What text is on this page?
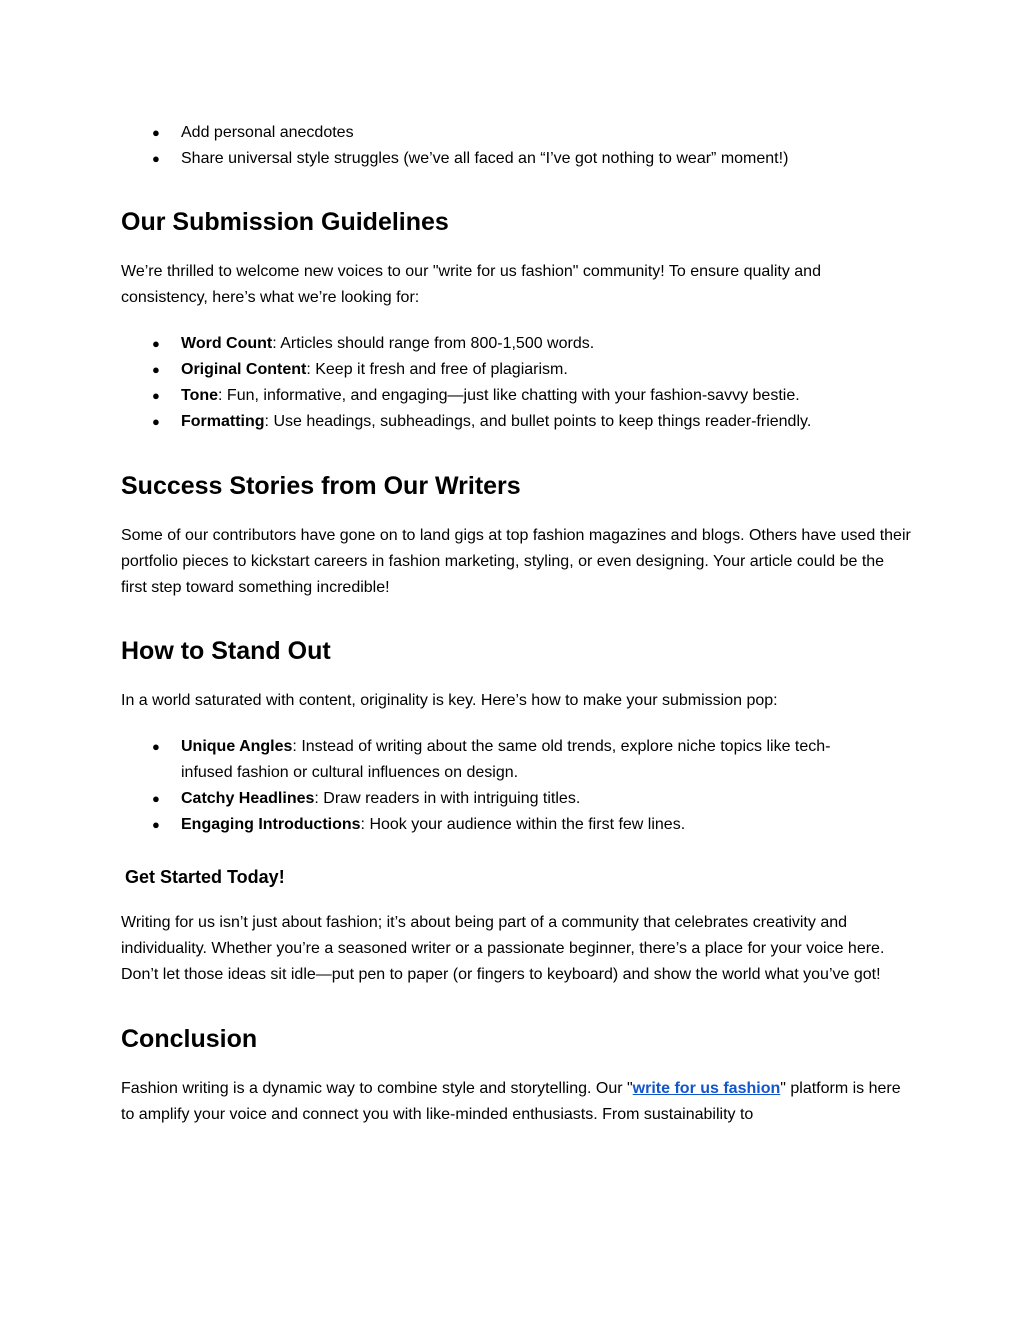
● Add personal anecdotes
● Share universal style struggles (we’ve all faced an “I’ve got nothing to wear” moment!)
Our Submission Guidelines

We’re thrilled to welcome new voices to our "write for us fashion" community! To ensure quality and consistency, here’s what we’re looking for:

● Word Count: Articles should range from 800-1,500 words.
● Original Content: Keep it fresh and free of plagiarism.
● Tone: Fun, informative, and engaging—just like chatting with your fashion-savvy bestie.
● Formatting: Use headings, subheadings, and bullet points to keep things reader-friendly.
Success Stories from Our Writers

Some of our contributors have gone on to land gigs at top fashion magazines and blogs. Others have used their portfolio pieces to kickstart careers in fashion marketing, styling, or even designing. Your article could be the first step toward something incredible!

How to Stand Out

In a world saturated with content, originality is key. Here’s how to make your submission pop:

● Unique Angles: Instead of writing about the same old trends, explore niche topics like tech-infused fashion or cultural influences on design.
● Catchy Headlines: Draw readers in with intriguing titles.
● Engaging Introductions: Hook your audience within the first few lines.
Get Started Today!

Writing for us isn’t just about fashion; it’s about being part of a community that celebrates creativity and individuality. Whether you’re a seasoned writer or a passionate beginner, there’s a place for your voice here. Don’t let those ideas sit idle—put pen to paper (or fingers to keyboard) and show the world what you’ve got!

Conclusion

Fashion writing is a dynamic way to combine style and storytelling. Our "write for us fashion" platform is here to amplify your voice and connect you with like-minded enthusiasts. From sustainability to
